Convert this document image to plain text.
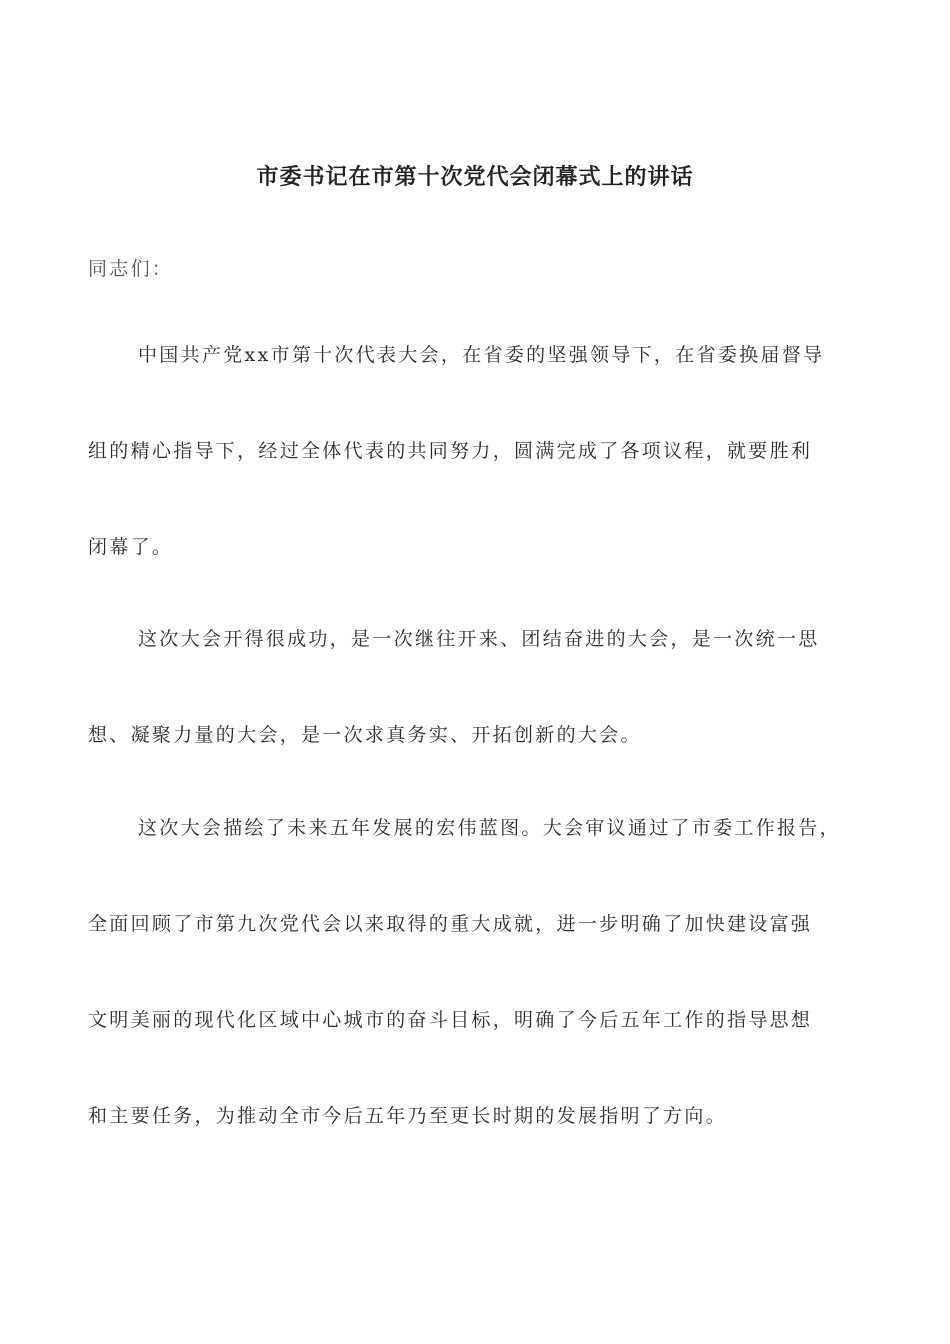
市委书记在市第十次党代会闭幕式上的讲话
同志们：
中国共产党xx市第十次代表大会，在省委的坚强领导下，在省委换届督导
组的精心指导下，经过全体代表的共同努力，圆满完成了各项议程，就要胜利
闭幕了。
这次大会开得很成功，是一次继往开来、团结奋进的大会，是一次统一思
想、凝聚力量的大会，是一次求真务实、开拓创新的大会。
这次大会描绘了未来五年发展的宏伟蓝图。大会审议通过了市委工作报告，
全面回顾了市第九次党代会以来取得的重大成就，进一步明确了加快建设富强
文明美丽的现代化区域中心城市的奋斗目标，明确了今后五年工作的指导思想
和主要任务，为推动全市今后五年乃至更长时期的发展指明了方向。
